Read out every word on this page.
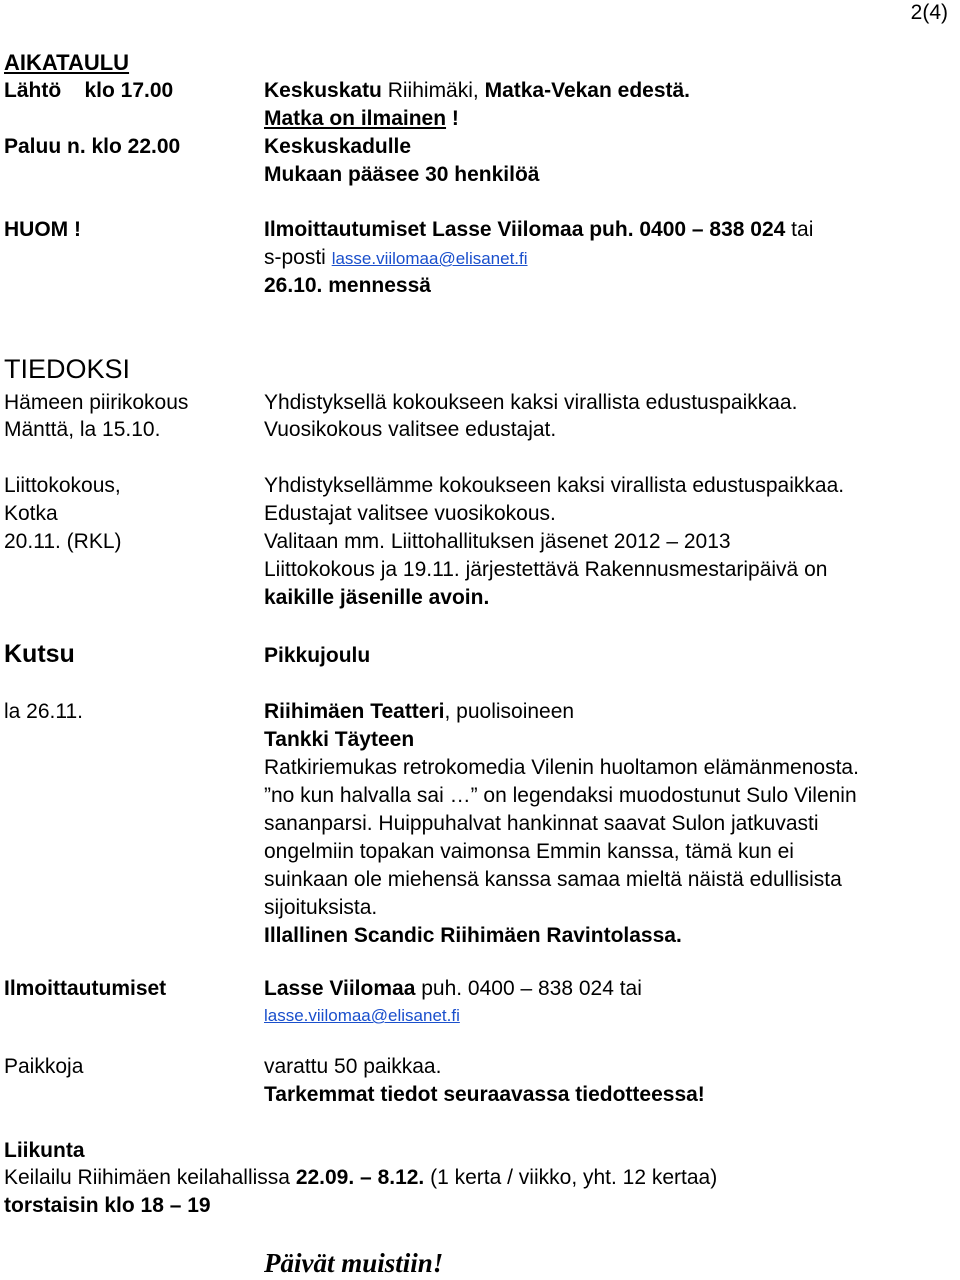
2(4)
AIKATAULU
Lähtö    klo 17.00	Keskuskatu Riihimäki, Matka-Vekan edestä.
Matka on ilmainen !
Paluu n. klo 22.00	Keskuskadulle
Mukaan pääsee 30 henkilöä
HUOM !	Ilmoittautumiset Lasse Viilomaa puh. 0400 – 838 024 tai
s-posti lasse.viilomaa@elisanet.fi
26.10. mennessä
TIEDOKSI
Hämeen piirikokous	Yhdistyksellä kokoukseen kaksi virallista edustuspaikkaa.
Mänttä, la 15.10.	Vuosikokous valitsee edustajat.
Liittokokous,	Yhdistyksellämme kokoukseen kaksi virallista edustuspaikkaa.
Kotka	Edustajat valitsee vuosikokous.
20.11. (RKL)	Valitaan mm. Liittohallituksen jäsenet 2012 – 2013
Liittokokous ja 19.11. järjestettävä Rakennusmestaripäivä on
kaikille jäsenille avoin.
Kutsu	Pikkujoulu
la 26.11.	Riihimäen Teatteri, puolisoineen
Tankki Täyteen
Ratkiriemukas retrokomedia Vilenin huoltamon elämänmenosta.
”no kun halvalla sai …” on legendaksi muodostunut Sulo Vilenin
sananparsi. Huippuhalvat hankinnat saavat Sulon jatkuvasti
ongelmiin topakan vaimonsa Emmin kanssa, tämä kun ei
suinkaan ole miehensä kanssa samaa mieltä näistä edullisista
sijoituksista.
Illallinen Scandic Riihimäen Ravintolassa.
Ilmoittautumiset	Lasse Viilomaa puh. 0400 – 838 024 tai
lasse.viilomaa@elisanet.fi
Paikkoja	varattu 50 paikkaa.
Tarkemmat tiedot seuraavassa tiedotteessa!
Liikunta
Keilailu Riihimäen keilahallissa 22.09. – 8.12. (1 kerta / viikko, yht. 12 kertaa)
torstaisin klo 18 – 19
Päivät muistiin!
